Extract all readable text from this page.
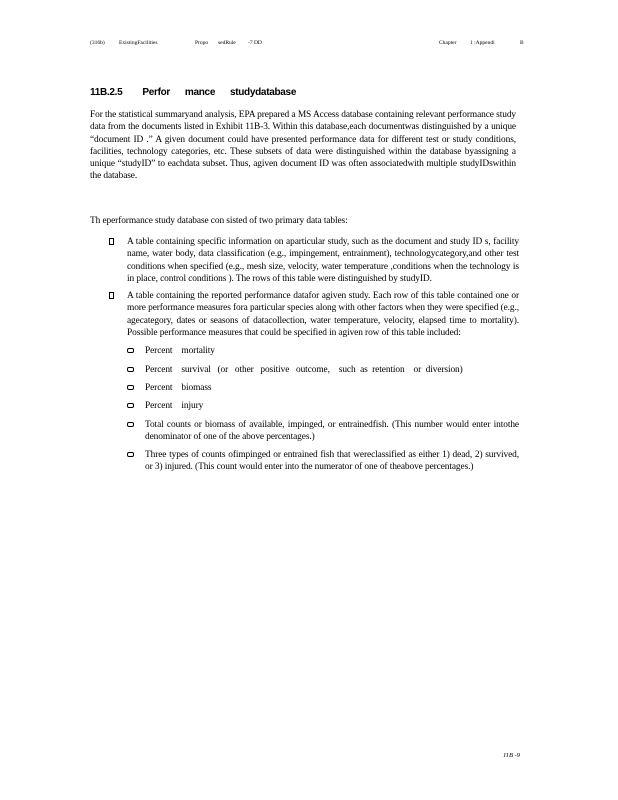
(316b)	ExistingFacilities	Propo sedRule -7 DD	Chapter 1 :Appendi	B
11B.2.5 Perfor      mance      studydatabase

For the statistical summaryand analysis, EPA prepared a MS Access database containing relevant performance study data from the documents listed in Exhibit 11B-3. Within this database,each documentwas distinguished by a unique “document ID .” A given document could have presented performance data for different test or study conditions, facilities, technology categories, etc. These subsets of data were distinguished within the database byassigning a unique “studyID” to eachdata subset. Thus, agiven document ID was often associatedwith multiple studyIDswithin the database.

Th eperformance study database con sisted of two primary data tables:

A table containing specific information on aparticular study, such as the document and study ID s, facility name, water body, data classification (e.g., impingement, entrainment), technologycategory,and other test conditions when specified (e.g., mesh size, velocity, water temperature ,conditions when the technology is in place, control conditions ). The rows of this table were distinguished by studyID.
A table containing the reported performance datafor agiven study. Each row of this table contained one or more performance measures fora particular species along with other factors when they were specified (e.g., agecategory, dates or seasons of datacollection, water temperature, velocity, elapsed time to mortality). Possible performance measures that could be specified in agiven row of this table included:
Percent    mortality
Percent    survival   (or   other   positive   outcome,    such  as  retention    or  diversion)
Percent    biomass
Percent    injury
Total counts or biomass of available, impinged, or entrainedfish. (This number would enter intothe denominator of one of the above percentages.)
Three types of counts ofimpinged or entrained fish that wereclassified as either 1) dead, 2) survived, or 3) injured. (This count would enter into the numerator of one of theabove percentages.)
11B -9
